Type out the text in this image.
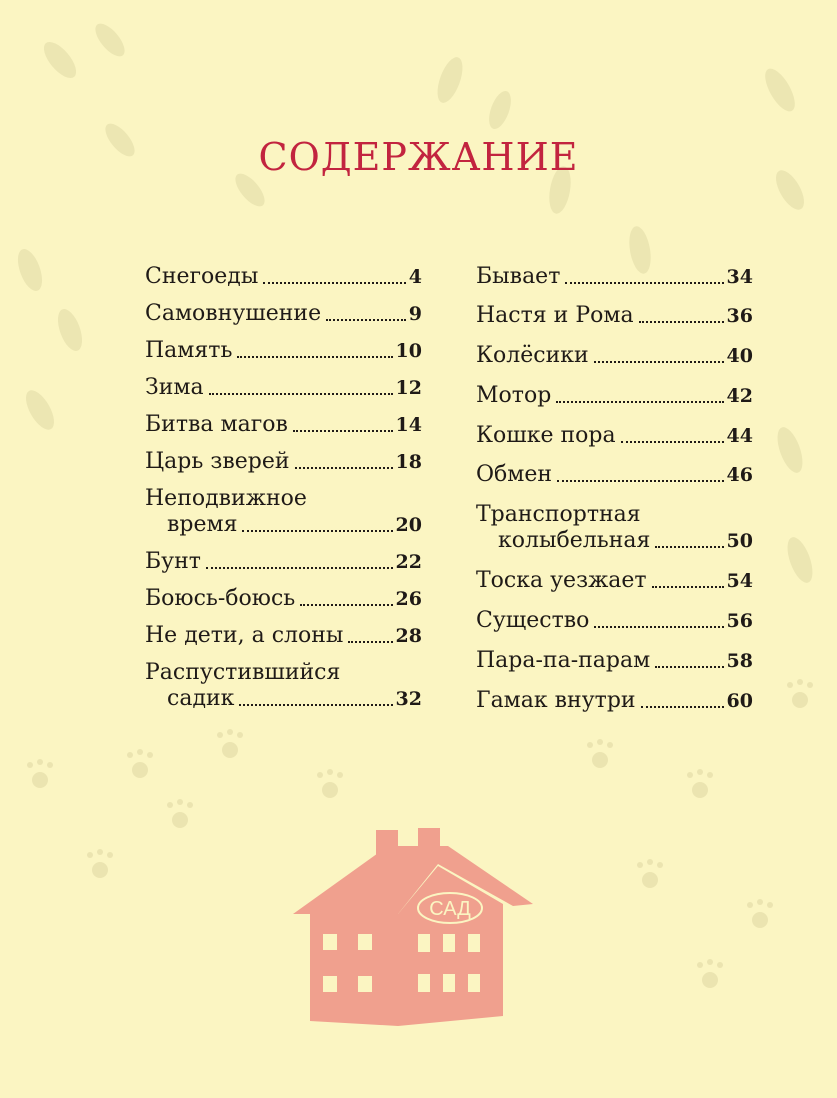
СОДЕРЖАНИЕ
Снегоеды	4
Самовнушение	9
Память	10
Зима	12
Битва магов	14
Царь зверей	18
Неподвижное
время	20
Бунт	22
Боюсь-боюсь	26
Не дети, а слоны	28
Распустившийся
садик	32
Бывает	34
Настя и Рома	36
Колёсики	40
Мотор	42
Кошке пора	44
Обмен	46
Транспортная
колыбельная	50
Тоска уезжает	54
Существо	56
Пара-па-парам	58
Гамак внутри	60
САД
